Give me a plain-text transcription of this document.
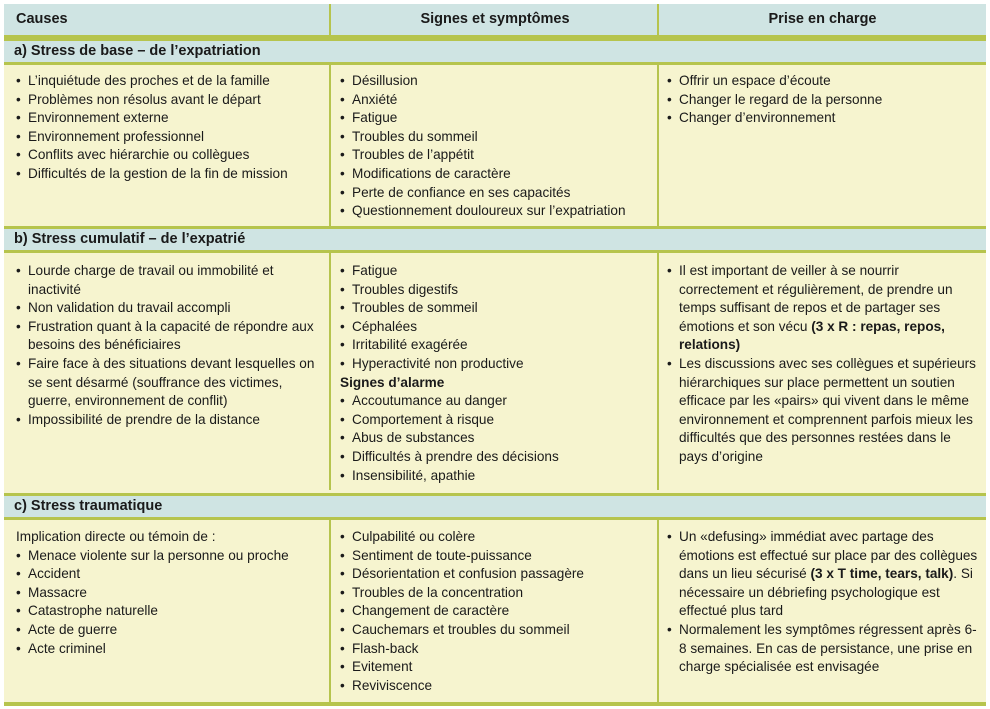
Causes	Signes et symptômes	Prise en charge
a) Stress de base – de l’expatriation
• L’inquiétude des proches et de la famille
• Problèmes non résolus avant le départ
• Environnement externe
• Environnement professionnel
• Conflits avec hiérarchie ou collègues
• Difficultés de la gestion de la fin de mission
• Désillusion
• Anxiété
• Fatigue
• Troubles du sommeil
• Troubles de l’appétit
• Modifications de caractère
• Perte de confiance en ses capacités
• Questionnement douloureux sur l’expatriation
• Offrir un espace d’écoute
• Changer le regard de la personne
• Changer d’environnement
b) Stress cumulatif – de l’expatrié
• Lourde charge de travail ou immobilité et inactivité
• Non validation du travail accompli
• Frustration quant à la capacité de répondre aux besoins des bénéficiaires
• Faire face à des situations devant lesquelles on se sent désarmé (souffrance des victimes, guerre, environnement de conflit)
• Impossibilité de prendre de la distance
• Fatigue
• Troubles digestifs
• Troubles de sommeil
• Céphalées
• Irritabilité exagérée
• Hyperactivité non productive
Signes d’alarme
• Accoutumance au danger
• Comportement à risque
• Abus de substances
• Difficultés à prendre des décisions
• Insensibilité, apathie
• Il est important de veiller à se nourrir correctement et régulièrement, de prendre un temps suffisant de repos et de partager ses émotions et son vécu (3 x R : repas, repos, relations)
• Les discussions avec ses collègues et supérieurs hiérarchiques sur place permettent un soutien efficace par les «pairs» qui vivent dans le même environnement et comprennent parfois mieux les difficultés que des personnes restées dans le pays d’origine
c) Stress traumatique
Implication directe ou témoin de :
• Menace violente sur la personne ou proche
• Accident
• Massacre
• Catastrophe naturelle
• Acte de guerre
• Acte criminel
• Culpabilité ou colère
• Sentiment de toute-puissance
• Désorientation et confusion passagère
• Troubles de la concentration
• Changement de caractère
• Cauchemars et troubles du sommeil
• Flash-back
• Evitement
• Reviviscence
• Un «defusing» immédiat avec partage des émotions est effectué sur place par des collègues dans un lieu sécurisé (3 x T time, tears, talk). Si nécessaire un débriefing psychologique est effectué plus tard
• Normalement les symptômes régressent après 6-8 semaines. En cas de persistance, une prise en charge spécialisée est envisagée
